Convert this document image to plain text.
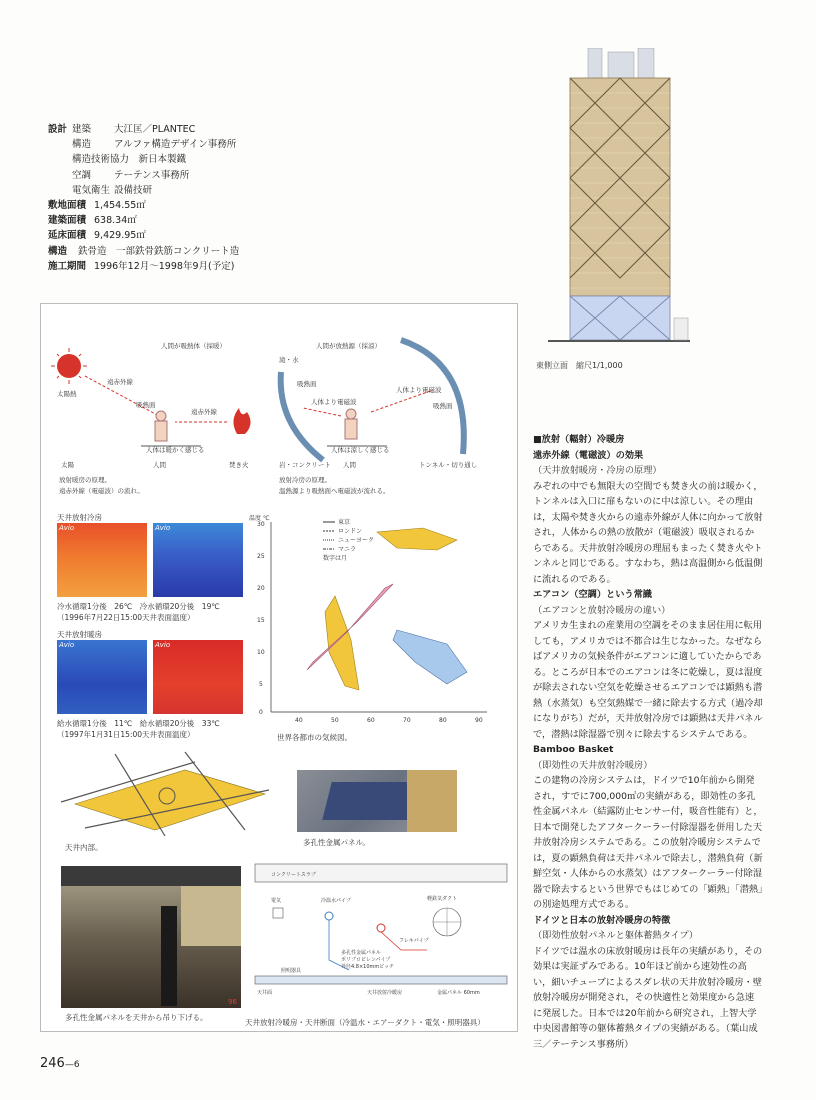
設計 建築 大江匡／PLANTEC
構造 アルファ構造デザイン事務所
構造技術協力　 新日本製鐵
空調 テーテンス事務所
電気衛生 設備技研
敷地面積 1,454.55㎡
建築面積 638.34㎡
延床面積 9,429.95㎡
構造 鉄骨造　一部鉄骨鉄筋コンクリート造
施工期間 1996年12月～1998年9月(予定)
東側立面　縮尺1/1,000
人間が吸熱体（採暖）	人間が放熱源（採涼）
太陽熱
遠赤外線
吸熱面
人体は暖かく感じる
遠赤外線
滝・水
吸熱面
人体より電磁波
人体は涼しく感じる
人体より電磁波
吸熱面
太陽	人間	焚き火	岩・コンクリート 人間	トンネル・切り通し
放射暖房の原理。
遠赤外線（電磁波）の流れ。
放射冷房の原理。
温熱源より吸熱面へ電磁波が流れる。
天井放射冷房
Avio	Avio
冷水循環1分後　26℃　 冷水循環20分後　19℃
（1996年7月22日15:00天井表面温度）
天井放射暖房
Avio	Avio
給水循環1分後　11℃　 給水循環20分後　33℃
（1997年1月31日15:00天井表面温度）
温度 ℃
30
25
20
15
10
5
0
40	50	60	70	80	90
東京
ロンドン
ニューヨーク
マニラ
数字は月
世界各都市の気候図。
天井内部。
多孔性金属パネル。
96
多孔性金属パネルを天井から吊り下げる。
コンクリートスラブ
電気	冷温水パイプ	軽鉄気ダクト
フレキパイプ
多孔性金属パネル
ポリプロピレンパイプ
外径4.8×10mmピッチ
照明器具
天井面	天井放射冷暖房	金属パネル 60mm
天井放射冷暖房・天井断面（冷温水・エアーダクト・電気・照明器具）

■放射（輻射）冷暖房

遠赤外線（電磁波）の効果

（天井放射暖房・冷房の原理）

みぞれの中でも無限大の空間でも焚き火の前は暖かく，トンネルは入口に扉もないのに中は涼しい。その理由は，太陽や焚き火からの遠赤外線が人体に向かって放射され，人体からの熱の放散が（電磁波）吸収されるからである。天井放射冷暖房の理屈もまったく焚き火やトンネルと同じである。すなわち，熱は高温側から低温側に流れるのである。

エアコン（空調）という常識

（エアコンと放射冷暖房の違い）

アメリカ生まれの産業用の空調をそのまま居住用に転用しても，アメリカでは不都合は生じなかった。なぜならばアメリカの気候条件がエアコンに適していたからである。ところが日本でのエアコンは冬に乾燥し，夏は湿度が除去されない空気を乾燥させるエアコンでは顕熱も潜熱（水蒸気）も空気熱媒で一緒に除去する方式（過冷却になりがち）だが，天井放射冷房では顕熱は天井パネルで，潜熱は除湿器で別々に除去するシステムである。

Bamboo Basket

（即効性の天井放射冷暖房）

この建物の冷房システムは，ドイツで10年前から開発され，すでに700,000㎡の実績がある，即効性の多孔性金属パネル（結露防止センサー付，吸音性能有）と，日本で開発したアフタークーラー付除湿器を併用した天井放射冷房システムである。この放射冷暖房システムでは，夏の顕熱負荷は天井パネルで除去し，潜熱負荷（新鮮空気・人体からの水蒸気）はアフタークーラー付除湿器で除去するという世界でもはじめての「顕熱」「潜熱」の別途処理方式である。

ドイツと日本の放射冷暖房の特徴

（即効性放射パネルと躯体蓄熱タイプ）

ドイツでは温水の床放射暖房は長年の実績があり，その効果は実証ずみである。10年ほど前から速効性の高い，細いチューブによるスダレ状の天井放射冷暖房・壁放射冷暖房が開発され，その快適性と効果度から急速に発展した。日本では20年前から研究され，上智大学中央図書館等の躯体蓄熱タイプの実績がある。（葉山成三／テーテンス事務所）

246—6
